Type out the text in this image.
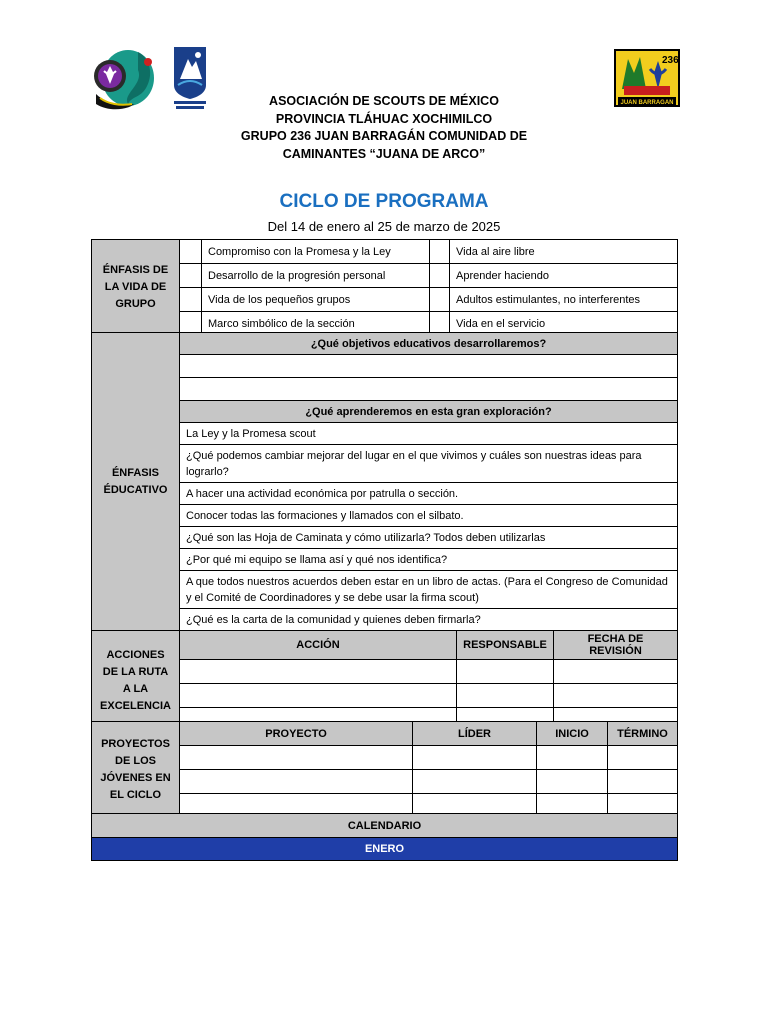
236
JUAN BARRAGAN
ASOCIACIÓN DE SCOUTS DE MÉXICO
PROVINCIA TLÁHUAC XOCHIMILCO
GRUPO 236 JUAN BARRAGÁN COMUNIDAD DE
CAMINANTES “JUANA DE ARCO”
CICLO DE PROGRAMA
Del 14 de enero al 25 de marzo de 2025
ÉNFASIS DE LA VIDA DE GRUPO		Compromiso con la Promesa y la Ley		Vida al aire libre
		Desarrollo de la progresión personal		Aprender haciendo
		Vida de los pequeños grupos		Adultos estimulantes, no interferentes
		Marco simbólico de la sección		Vida en el servicio
ÉNFASIS ÉDUCATIVO	¿Qué objetivos educativos desarrollaremos?

¿Qué aprenderemos en esta gran exploración?
La Ley y la Promesa scout
¿Qué podemos cambiar mejorar del lugar en el que vivimos y cuáles son nuestras ideas para lograrlo?
A hacer una actividad económica por patrulla o sección.
Conocer todas las formaciones y llamados con el silbato.
¿Qué son las Hoja de Caminata y cómo utilizarla? Todos deben utilizarlas
¿Por qué mi equipo se llama así y qué nos identifica?
A que todos nuestros acuerdos deben estar en un libro de actas. (Para el Congreso de Comunidad y el Comité de Coordinadores y se debe usar la firma scout)
¿Qué es la carta de la comunidad y quienes deben firmarla?
ACCIONES DE LA RUTA A LA EXCELENCIA	ACCIÓN	RESPONSABLE	FECHA DE REVISIÓN

PROYECTOS DE LOS JÓVENES EN EL CICLO	PROYECTO	LÍDER	INICIO	TÉRMINO

CALENDARIO
ENERO
